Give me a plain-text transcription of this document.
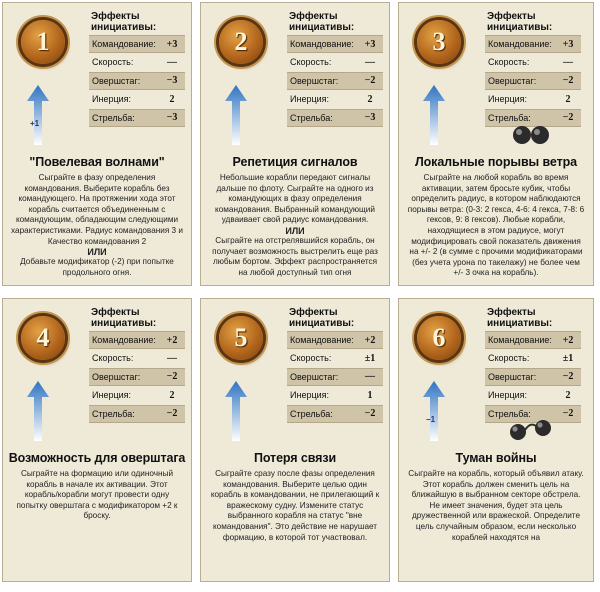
1
Эффекты инициативы:
Командование:	+3
Скорость:	—
Овершстаг:	−3
Инерция:	2
Стрельба:	−3
+1
"Повелевая волнами"

Сыграйте в фазу определения командования. Выберите корабль без командующего. На протяжении хода этот корабль считается объединенным с командующим, обладающим следующими характеристиками. Радиус командования 3 и Качество командования 2

ИЛИ

Добавьте модификатор (-2) при попытке продольного огня.

2
Эффекты инициативы:
Командование:	+3
Скорость:	—
Овершстаг:	−2
Инерция:	2
Стрельба:	−3
Репетиция сигналов

Небольшие корабли передают сигналы дальше по флоту. Сыграйте на одного из командующих в фазу определения командования. Выбранный командующий удваивает свой радиус командования.

ИЛИ

Сыграйте на отстрелявшийся корабль, он получает возможность выстрелить еще раз любым бортом. Эффект распространяется на любой доступный тип огня

3
Эффекты инициативы:
Командование:	+3
Скорость:	—
Овершстаг:	−2
Инерция:	2
Стрельба:	−2
Локальные порывы ветра

Сыграйте на любой корабль во время активации, затем бросьте кубик, чтобы определить радиус, в котором наблюдаются порывы ветра: (0-3: 2 гекса, 4-6: 4 гекса, 7-8: 6 гексов, 9: 8 гексов). Любые корабли, находящиеся в этом радиусе, могут модифицировать свой показатель движения на +/- 2 (в сумме с прочими модификаторами (без учета урона по такелажу) не более чем +/- 3 очка на корабль).

4
Эффекты инициативы:
Командование:	+2
Скорость:	—
Овершстаг:	−2
Инерция:	2
Стрельба:	−2
Возможность для оверштага

Сыграйте на формацию или одиночный корабль в начале их активации. Этот корабль/корабли могут провести одну попытку оверштага с модификатором +2 к броску.

5
Эффекты инициативы:
Командование:	+2
Скорость:	±1
Овершстаг:	—
Инерция:	1
Стрельба:	−2
Потеря связи

Сыграйте сразу после фазы определения командования. Выберите целью один корабль в командовании, не прилегающий к вражескому судну. Измените статус выбранного корабля на статус "вне командования". Это действие не нарушает формацию, в которой тот участвовал.

6
Эффекты инициативы:
Командование:	+2
Скорость:	±1
Овершстаг:	−2
Инерция:	2
Стрельба:	−2
−1
Туман войны

Сыграйте на корабль, который объявил атаку. Этот корабль должен сменить цель на ближайшую в выбранном секторе обстрела. Не имеет значения, будет эта цель дружественной или вражеской. Определите цель случайным образом, если несколько кораблей находятся на
